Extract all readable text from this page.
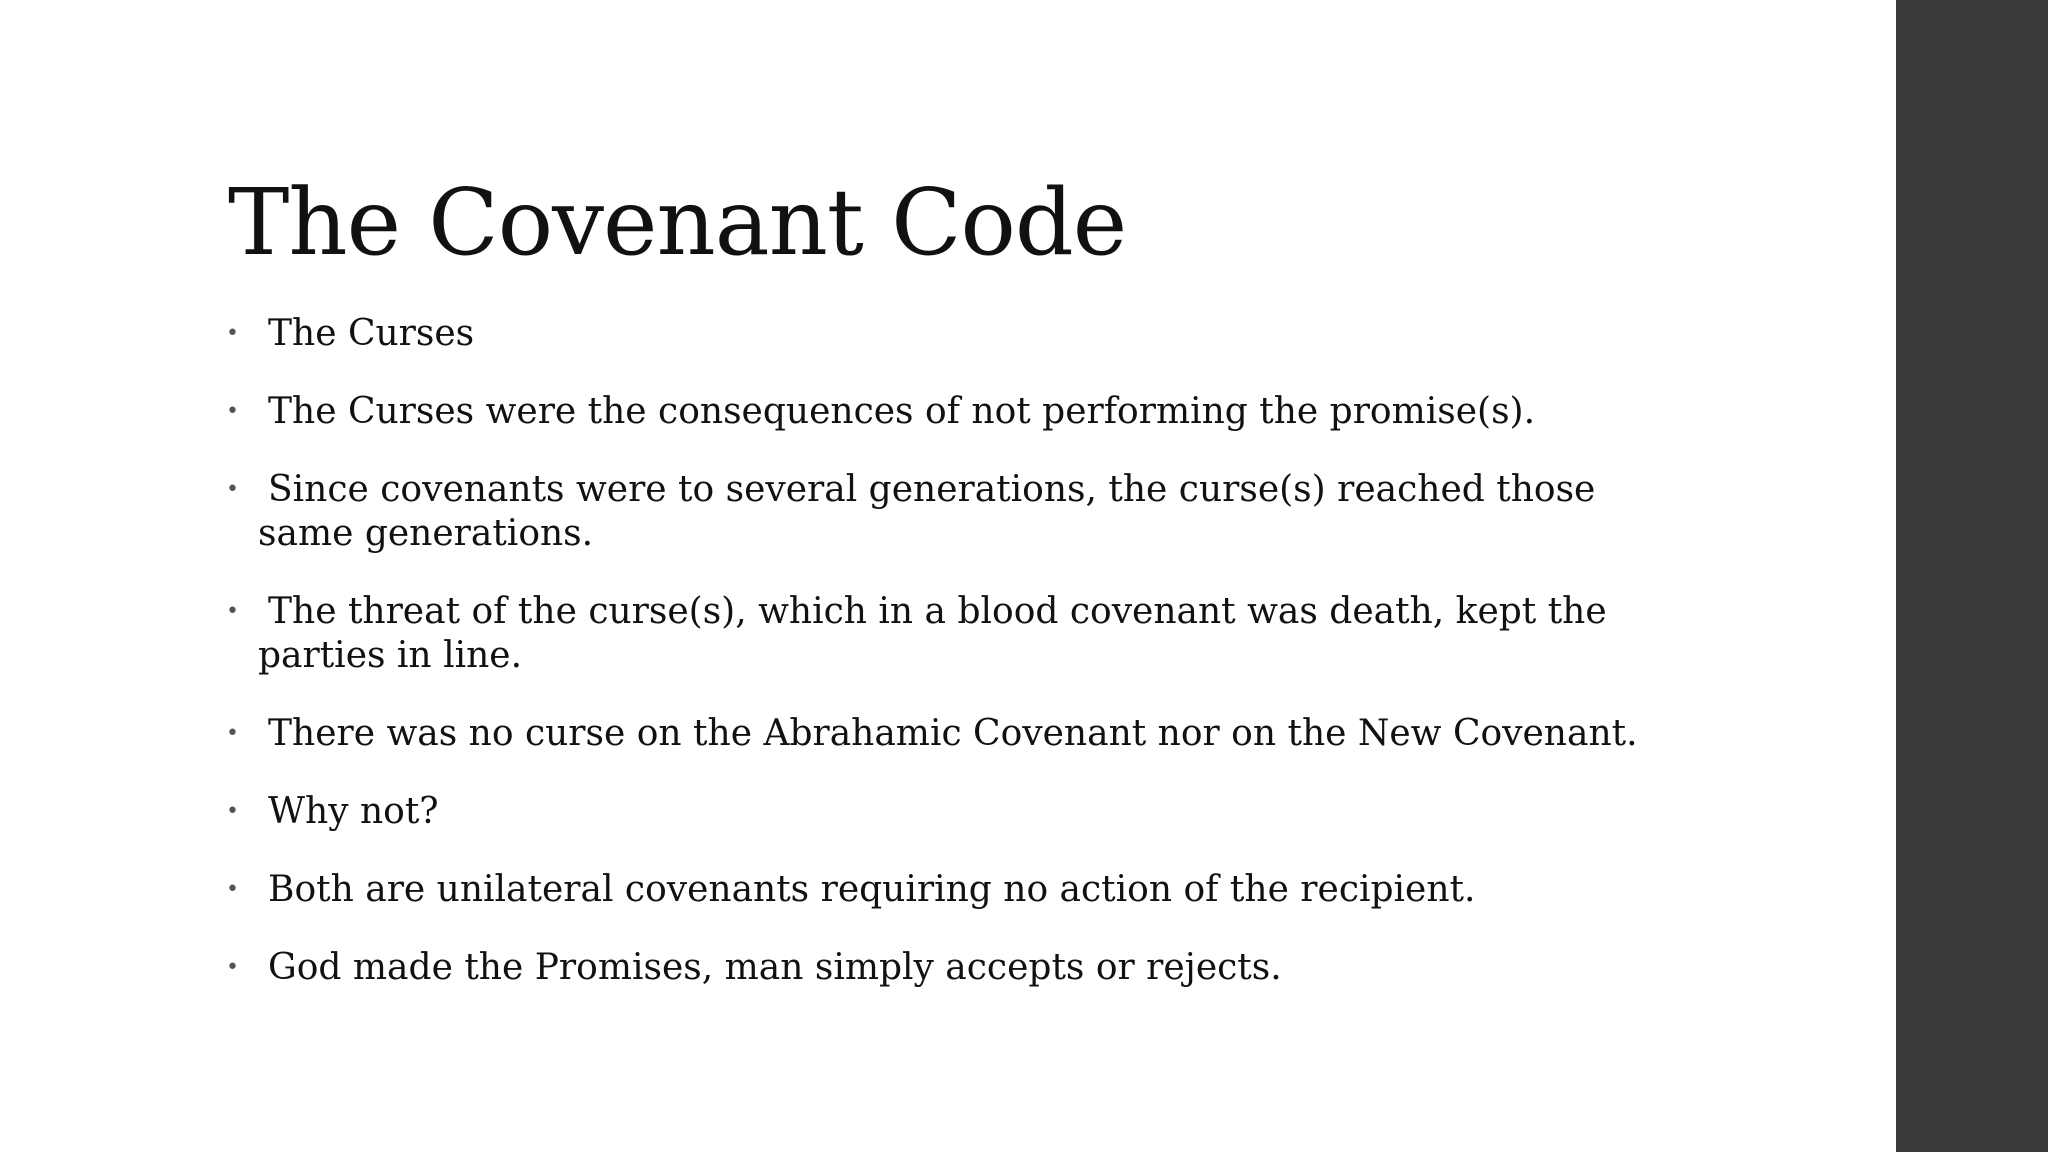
The Covenant Code
• The Curses
• The Curses were the consequences of not performing the promise(s).
• Since covenants were to several generations, the curse(s) reached those same generations.
• The threat of the curse(s), which in a blood covenant was death, kept the parties in line.
• There was no curse on the Abrahamic Covenant nor on the New Covenant.
• Why not?
• Both are unilateral covenants requiring no action of the recipient.
• God made the Promises, man simply accepts or rejects.
